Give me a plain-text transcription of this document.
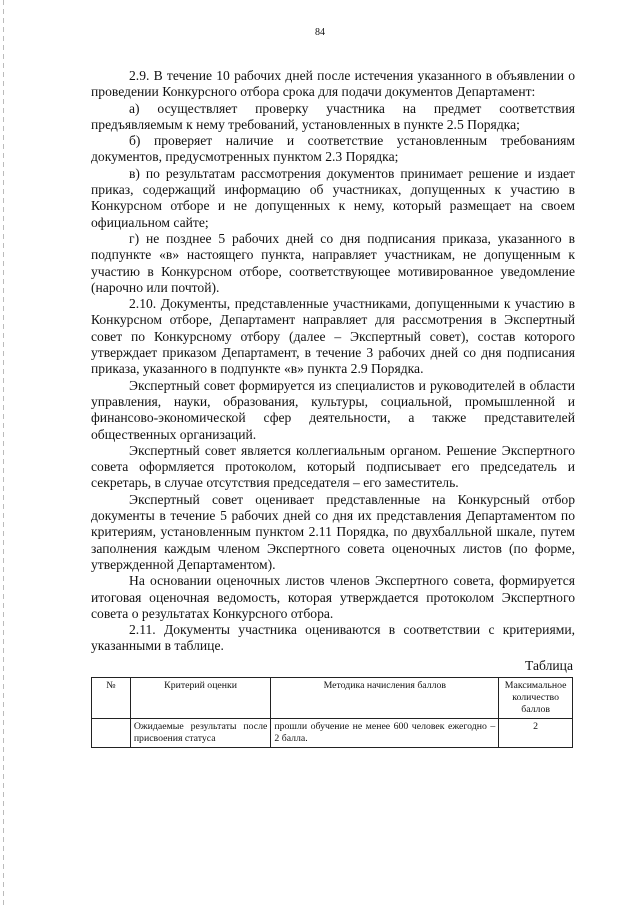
84

2.9. В течение 10 рабочих дней после истечения указанного в объявлении о проведении Конкурсного отбора срока для подачи документов Департамент:

а) осуществляет проверку участника на предмет соответствия предъявляемым к нему требований, установленных в пункте 2.5 Порядка;

б) проверяет наличие и соответствие установленным требованиям документов, предусмотренных пунктом 2.3 Порядка;

в) по результатам рассмотрения документов принимает решение и издает приказ, содержащий информацию об участниках, допущенных к участию в Конкурсном отборе и не допущенных к нему, который размещает на своем официальном сайте;

г) не позднее 5 рабочих дней со дня подписания приказа, указанного в подпункте «в» настоящего пункта, направляет участникам, не допущенным к участию в Конкурсном отборе, соответствующее мотивированное уведомление (нарочно или почтой).

2.10. Документы, представленные участниками, допущенными к участию в Конкурсном отборе, Департамент направляет для рассмотрения в Экспертный совет по Конкурсному отбору (далее – Экспертный совет), состав которого утверждает приказом Департамент, в течение 3 рабочих дней со дня подписания приказа, указанного в подпункте «в» пункта 2.9 Порядка.

Экспертный совет формируется из специалистов и руководителей в области управления, науки, образования, культуры, социальной, промышленной и финансово-экономической сфер деятельности, а также представителей общественных организаций.

Экспертный совет является коллегиальным органом. Решение Экспертного совета оформляется протоколом, который подписывает его председатель и секретарь, в случае отсутствия председателя – его заместитель.

Экспертный совет оценивает представленные на Конкурсный отбор документы в течение 5 рабочих дней со дня их представления Департаментом по критериям, установленным пунктом 2.11 Порядка, по двухбалльной шкале, путем заполнения каждым членом Экспертного совета оценочных листов (по форме, утвержденной Департаментом).

На основании оценочных листов членов Экспертного совета, формируется итоговая оценочная ведомость, которая утверждается протоколом Экспертного совета о результатах Конкурсного отбора.

2.11. Документы участника оцениваются в соответствии с критериями, указанными в таблице.

Таблица
№	Критерий оценки	Методика начисления баллов	Максимальное количество баллов
	Ожидаемые результаты после присвоения статуса	прошли обучение не менее 600 человек ежегодно – 2 балла.	2
